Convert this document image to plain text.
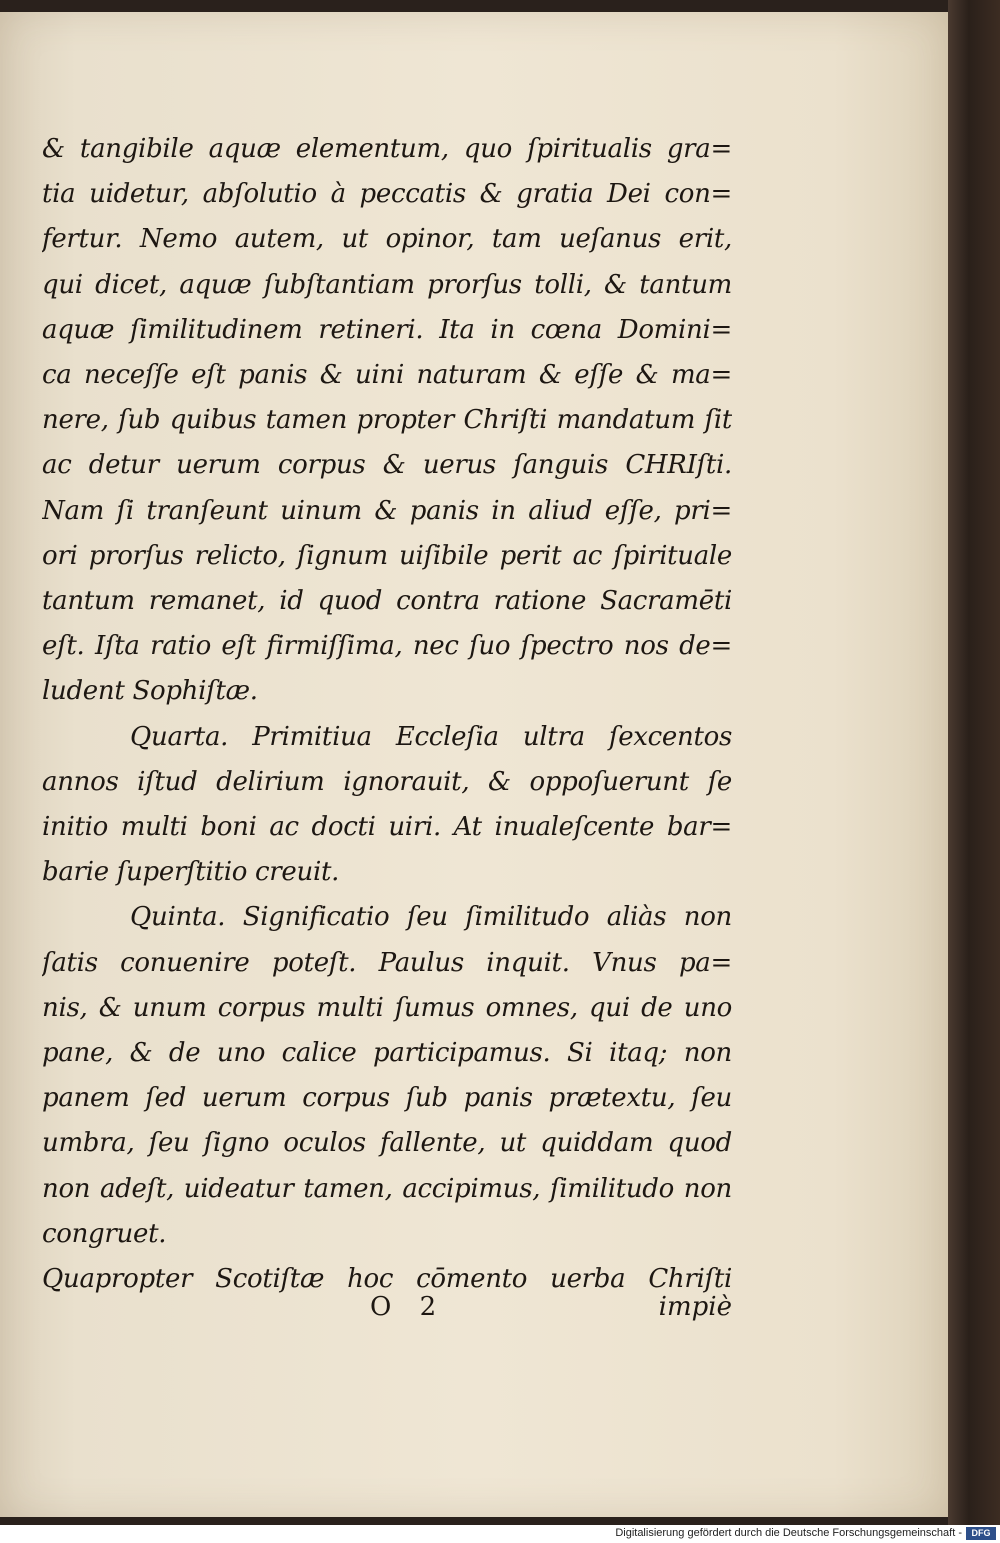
& tangibile aquæ elementum, quo ſpiritualis gra=
tia uidetur, abſolutio à peccatis & gratia Dei con=
fertur. Nemo autem, ut opinor, tam ueſanus erit,
qui dicet, aquæ ſubſtantiam prorſus tolli, & tantum
aquæ ſimilitudinem retineri. Ita in cœna Domini=
ca neceſſe eſt panis & uini naturam & eſſe & ma=
nere, ſub quibus tamen propter Chriſti mandatum ſit
ac detur uerum corpus & uerus ſanguis CHRIſti.
Nam ſi tranſeunt uinum & panis in aliud eſſe, pri=
ori prorſus relicto, ſignum uiſibile perit ac ſpirituale
tantum remanet, id quod contra ratione Sacramēti
eſt. Iſta ratio eſt firmiſſima, nec ſuo ſpectro nos de=
ludent Sophiſtæ.
Quarta. Primitiua Eccleſia ultra ſexcentos
annos iſtud delirium ignorauit, & oppoſuerunt ſe
initio multi boni ac docti uiri. At inualeſcente bar=
barie ſuperſtitio creuit.
Quinta. Significatio ſeu ſimilitudo aliàs non
ſatis conuenire poteſt. Paulus inquit. Vnus pa=
nis, & unum corpus multi ſumus omnes, qui de uno
pane, & de uno calice participamus. Si itaq; non
panem ſed uerum corpus ſub panis prætextu, ſeu
umbra, ſeu ſigno oculos fallente, ut quiddam quod
non adeſt, uideatur tamen, accipimus, ſimilitudo non
congruet.
Quapropter Scotiſtæ hoc cōmento uerba Chriſti
O 2	impiè
Digitalisierung gefördert durch die Deutsche Forschungsgemeinschaft -	DFG
